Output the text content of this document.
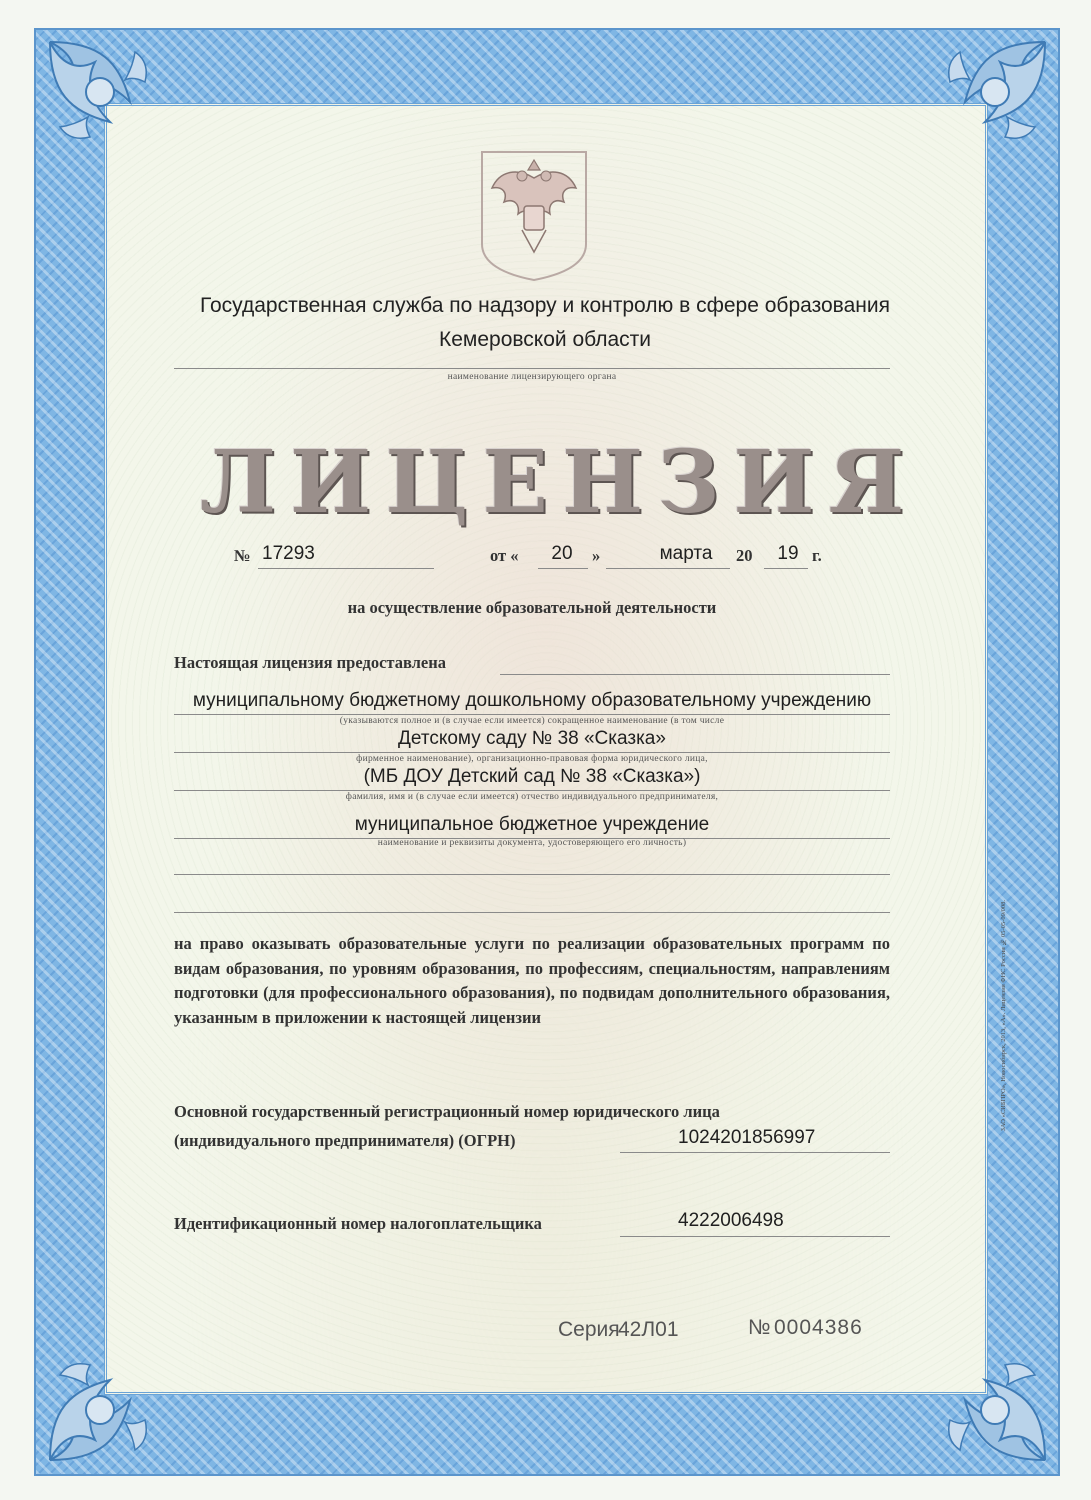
Государственная служба по надзору и контролю в сфере образования
Кемеровской области
наименование лицензирующего органа
ЛИЦЕНЗИЯ
№ 17293	от «	20	»	марта	20	19 г.
на осуществление образовательной деятельности
Настоящая лицензия предоставлена
муниципальному бюджетному дошкольному образовательному учреждению
(указываются полное и (в случае если имеется) сокращенное наименование (в том числе
Детскому саду № 38 «Сказка»
фирменное наименование), организационно-правовая форма юридического лица,
(МБ ДОУ Детский сад № 38 «Сказка»)
фамилия, имя и (в случае если имеется) отчество индивидуального предпринимателя,
муниципальное бюджетное учреждение
наименование и реквизиты документа, удостоверяющего его личность)
на право оказывать образовательные услуги по реализации образовательных программ по видам образования, по уровням образования, по профессиям, специальностям, направлениям подготовки (для профессионального образования), по подвидам дополнительного образования, указанным в приложении к настоящей лицензии
Основной государственный регистрационный номер юридического лица
(индивидуального предпринимателя) (ОГРН)	1024201856997
Идентификационный номер налогоплательщика	4222006498
Серия
42Л01	№ 0004386
ЗАО «СИБПРО», Новосибирск, 2013, «А». Лицензия ФНС России № 05-05-09/008.
